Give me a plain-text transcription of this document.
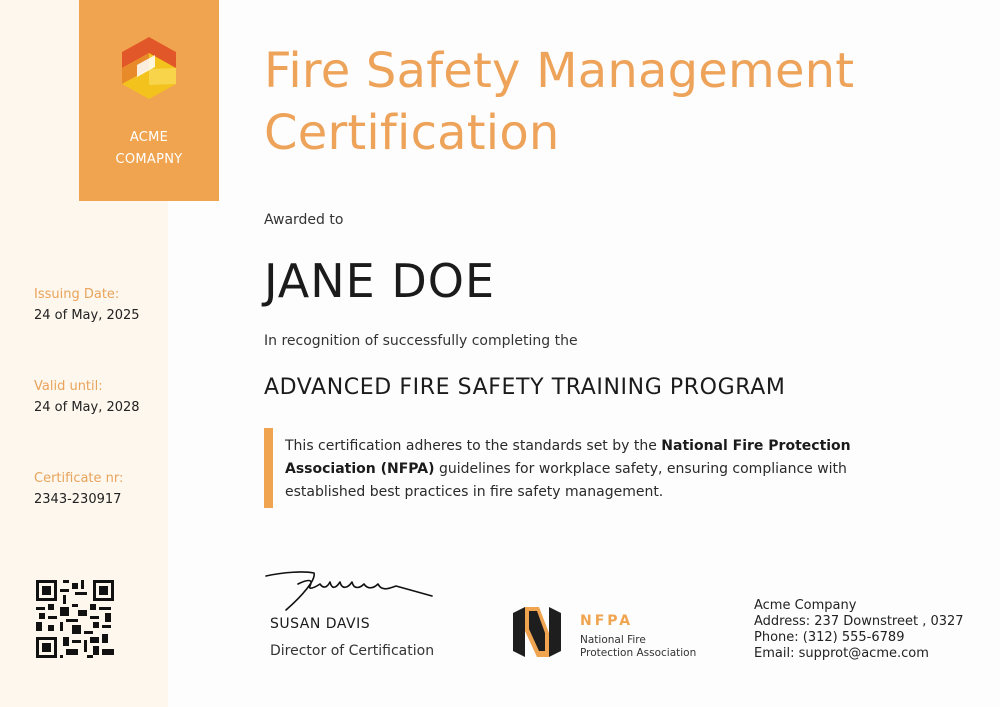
ACME
COMAPNY
Issuing Date:
24 of May, 2025
Valid until:
24 of May, 2028
Certificate nr:
2343-230917
Fire Safety Management
Certification
Awarded to
JANE DOE
In recognition of successfully completing the
ADVANCED FIRE SAFETY TRAINING PROGRAM
This certification adheres to the standards set by the National Fire Protection Association (NFPA) guidelines for workplace safety, ensuring compliance with established best practices in fire safety management.
SUSAN DAVIS
Director of Certification
NFPA
National Fire
Protection Association
Acme Company
Address: 237 Downstreet , 0327
Phone: (312) 555-6789
Email: supprot@acme.com
